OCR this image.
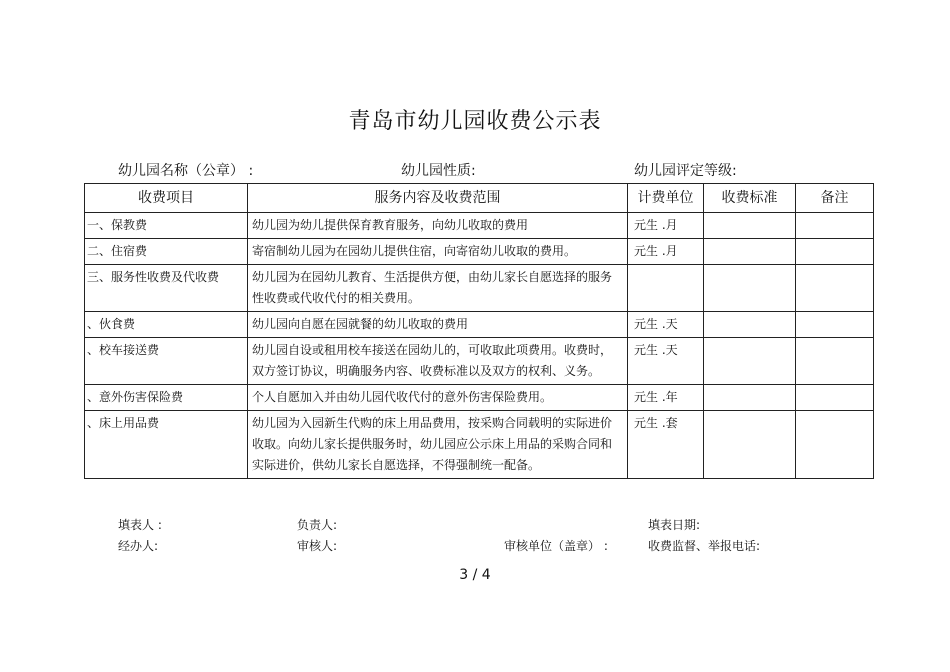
青岛市幼儿园收费公示表
幼儿园名称（公章） :	幼儿园性质:	幼儿园评定等级:
收费项目	服务内容及收费范围	计费单位	收费标准	备注
一、保教费	幼儿园为幼儿提供保育教育服务，向幼儿收取的费用	元生 .月		
二、住宿费	寄宿制幼儿园为在园幼儿提供住宿，向寄宿幼儿收取的费用。	元生 .月		
三、服务性收费及代收费	幼儿园为在园幼儿教育、生活提供方便，由幼儿家长自愿选择的服务性收费或代收代付的相关费用。			
、伙食费	幼儿园向自愿在园就餐的幼儿收取的费用	元生 .天		
、校车接送费	幼儿园自设或租用校车接送在园幼儿的，可收取此项费用。收费时，双方签订协议，明确服务内容、收费标准以及双方的权利、义务。	元生 .天		
、意外伤害保险费	个人自愿加入并由幼儿园代收代付的意外伤害保险费用。	元生 .年		
、床上用品费	幼儿园为入园新生代购的床上用品费用，按采购合同载明的实际进价收取。向幼儿家长提供服务时，幼儿园应公示床上用品的采购合同和实际进价，供幼儿家长自愿选择，不得强制统一配备。	元生 .套		
填表人 :	负责人:	填表日期:
经办人:	审核人:	审核单位（盖章） :	收费监督、举报电话:
3 / 4
